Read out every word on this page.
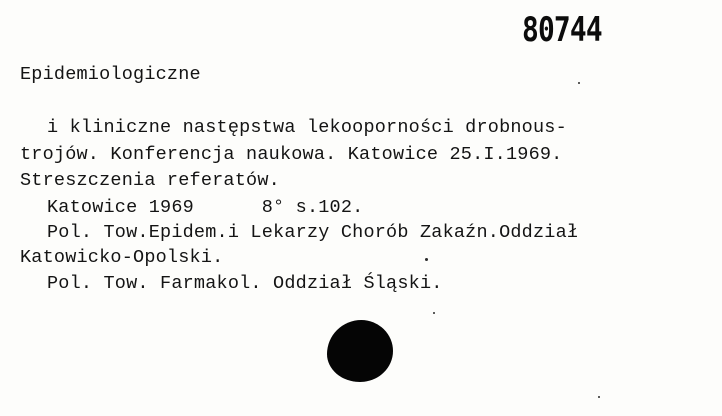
80744
Epidemiologiczne
i kliniczne następstwa lekooporności drobnous-
trojów. Konferencja naukowa. Katowice 25.I.1969.
Streszczenia referatów.
Katowice 1969      8° s.102.
Pol. Tow.Epidem.i Lekarzy Chorób Zakaźn.Oddział
Katowicko-Opolski.
Pol. Tow. Farmakol. Oddział Śląski.
